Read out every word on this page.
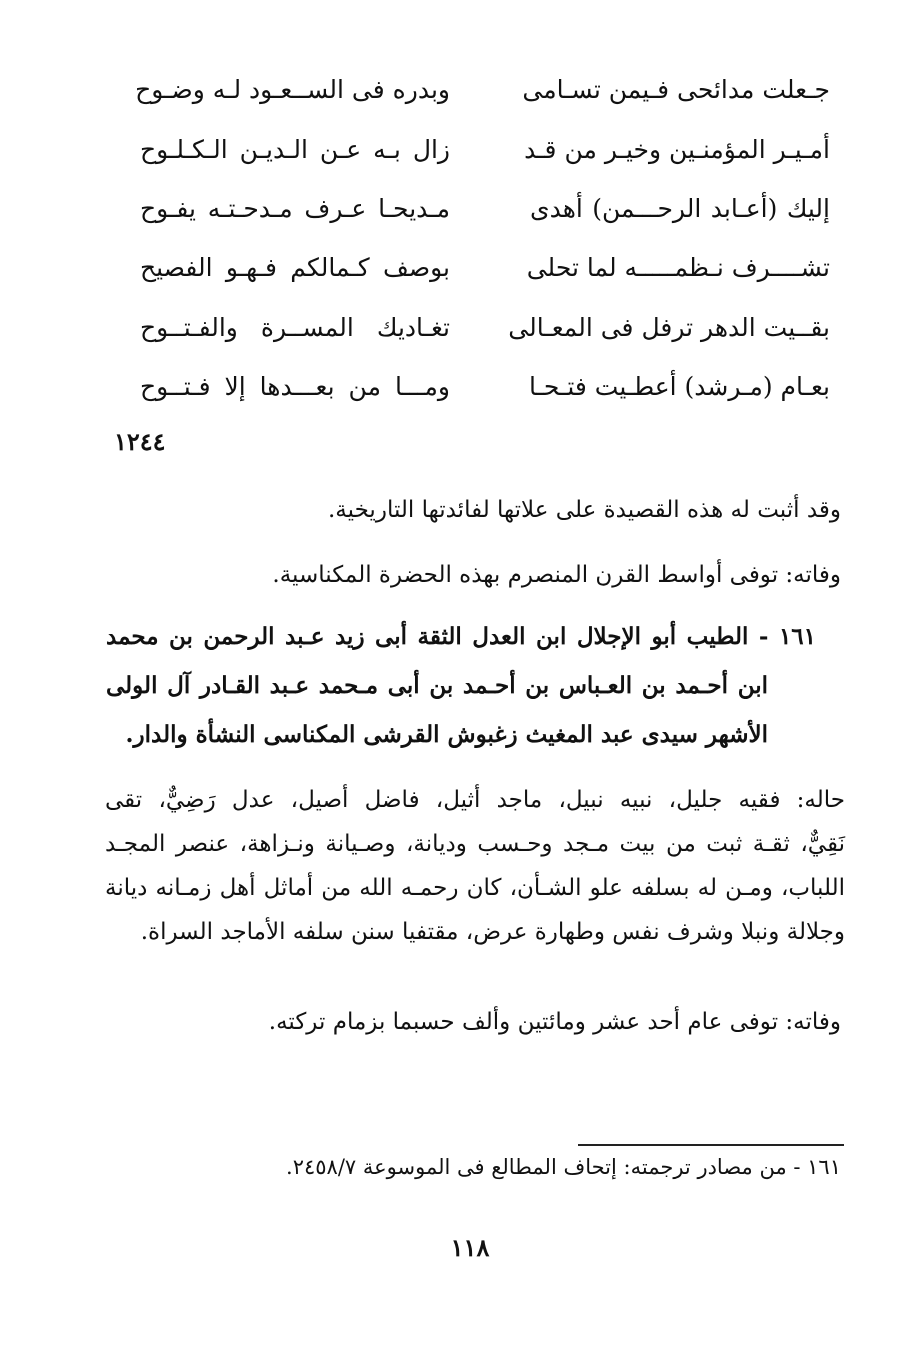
جـعلت مدائحى فـيمن تسـامى
وبدره فى الســعـود لـه وضـوح
أمـيـر المؤمنـين وخيـر من قـد
زال بـه عـن الـديـن الـكـلـوح
إليك (أعـابد الرحـــمن) أهدى
مـديحـا عـرف مـدحـتـه يفـوح
تشــــرف نـظمـــــه لما تحلى
بوصف كـمالكم فـهـو الفصيح
بقــيت الدهر ترفل فى المعـالى
تغـاديك المســرة والفـتــوح
بعـام (مـرشد) أعطـيت فتـحـا
ومـــا من بعـــدها إلا فـتــوح
١٢٤٤
وقد أثبت له هذه القصيدة على علاتها لفائدتها التاريخية.
وفاته: توفى أواسط القرن المنصرم بهذه الحضرة المكناسية.
١٦١ - الطيب أبو الإجلال ابن العدل الثقة أبى زيد عـبد الرحمن بن محمد
ابن أحـمد بن العـباس بن أحـمد بن أبى مـحمد عـبد القـادر آل الولى
الأشهر سيدى عبد المغيث زغبوش القرشى المكناسى النشأة والدار.
حاله: فقيه جليل، نبيه نبيل، ماجد أثيل، فاضل أصيل، عدل رَضِيٌّ، تقى
نَقِيٌّ، ثقـة ثبت من بيت مـجد وحـسب وديانة، وصـيانة ونـزاهة، عنصر المجـد
اللباب، ومـن له بسلفه علو الشـأن، كان رحمـه الله من أماثل أهل زمـانه ديانة
وجلالة ونبلا وشرف نفس وطهارة عرض، مقتفيا سنن سلفه الأماجد السراة.
وفاته: توفى عام أحد عشر ومائتين وألف حسبما بزمام تركته.
١٦١ - من مصادر ترجمته: إتحاف المطالع فى الموسوعة ٢٤٥٨/٧.
١١٨
